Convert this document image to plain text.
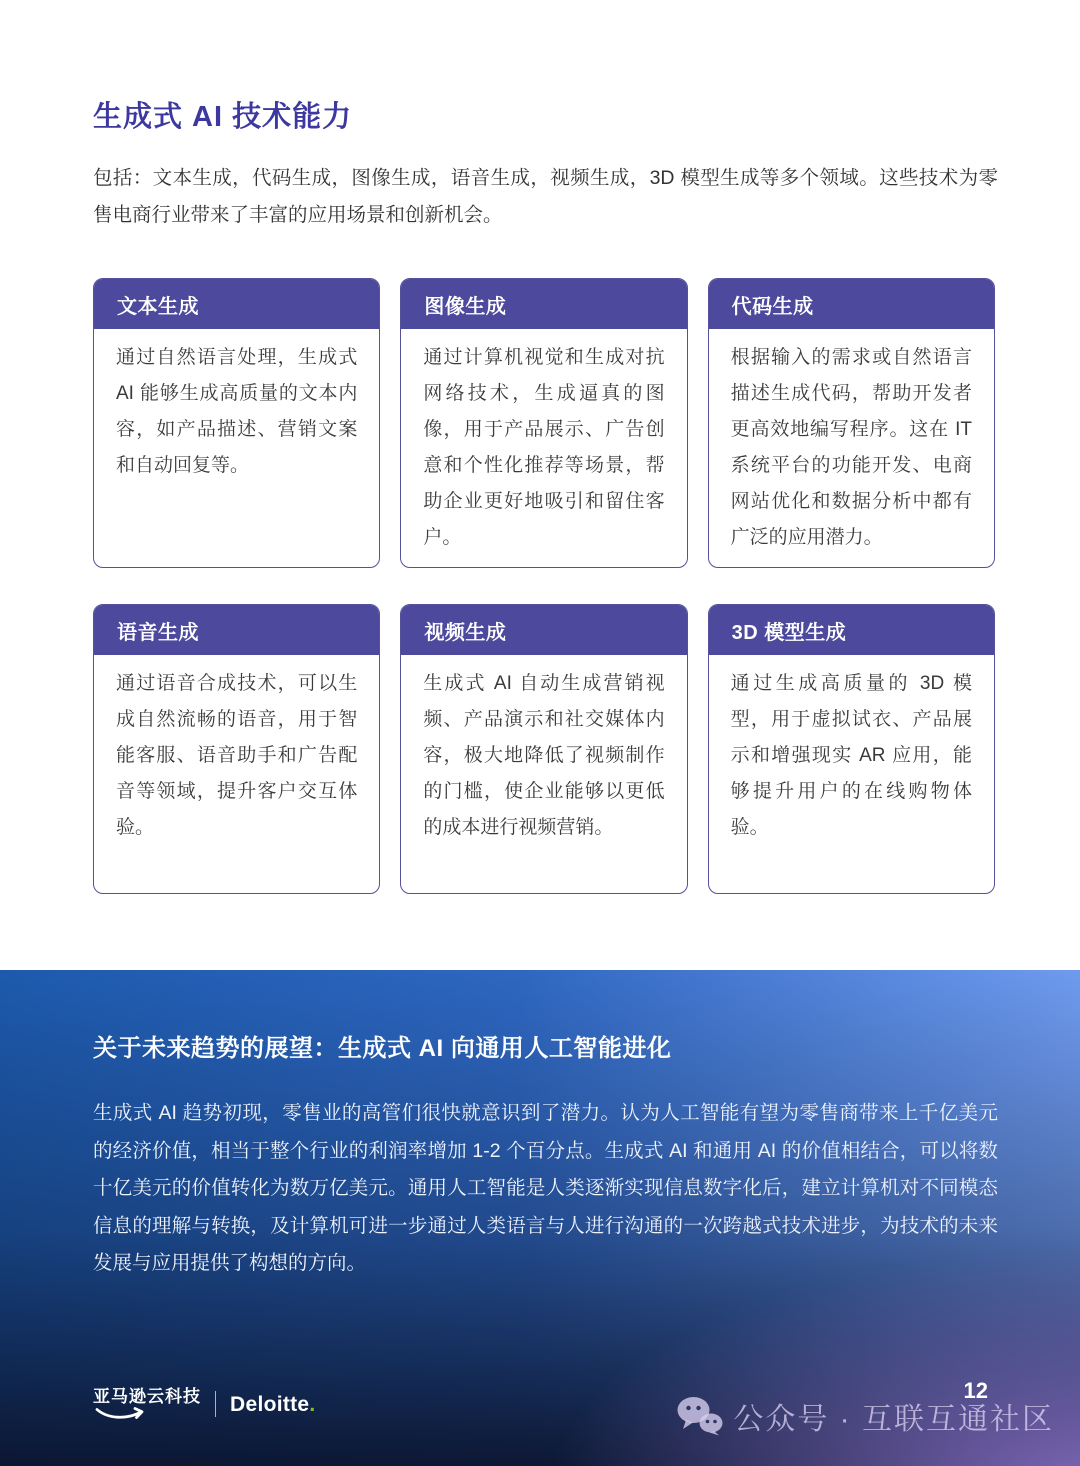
生成式 AI 技术能力

包括：文本生成，代码生成，图像生成，语音生成，视频生成，3D 模型生成等多个领域。这些技术为零售电商行业带来了丰富的应用场景和创新机会。

文本生成
通过自然语言处理，生成式 AI 能够生成高质量的文本内容，如产品描述、营销文案和自动回复等。
图像生成
通过计算机视觉和生成对抗网络技术，生成逼真的图像，用于产品展示、广告创意和个性化推荐等场景，帮助企业更好地吸引和留住客户。
代码生成
根据输入的需求或自然语言描述生成代码，帮助开发者更高效地编写程序。这在 IT 系统平台的功能开发、电商网站优化和数据分析中都有广泛的应用潜力。
语音生成
通过语音合成技术，可以生成自然流畅的语音，用于智能客服、语音助手和广告配音等领域，提升客户交互体验。
视频生成
生成式 AI 自动生成营销视频、产品演示和社交媒体内容，极大地降低了视频制作的门槛，使企业能够以更低的成本进行视频营销。
3D 模型生成
通过生成高质量的 3D 模型，用于虚拟试衣、产品展示和增强现实 AR 应用，能够提升用户的在线购物体验。
关于未来趋势的展望：生成式 AI 向通用人工智能进化

生成式 AI 趋势初现，零售业的高管们很快就意识到了潜力。认为人工智能有望为零售商带来上千亿美元的经济价值，相当于整个行业的利润率增加 1-2 个百分点。生成式 AI 和通用 AI 的价值相结合，可以将数十亿美元的价值转化为数万亿美元。通用人工智能是人类逐渐实现信息数字化后，建立计算机对不同模态信息的理解与转换，及计算机可进一步通过人类语言与人进行沟通的一次跨越式技术进步，为技术的未来发展与应用提供了构想的方向。

亚马逊云科技 Deloitte.
12
公众号 · 互联互通社区
